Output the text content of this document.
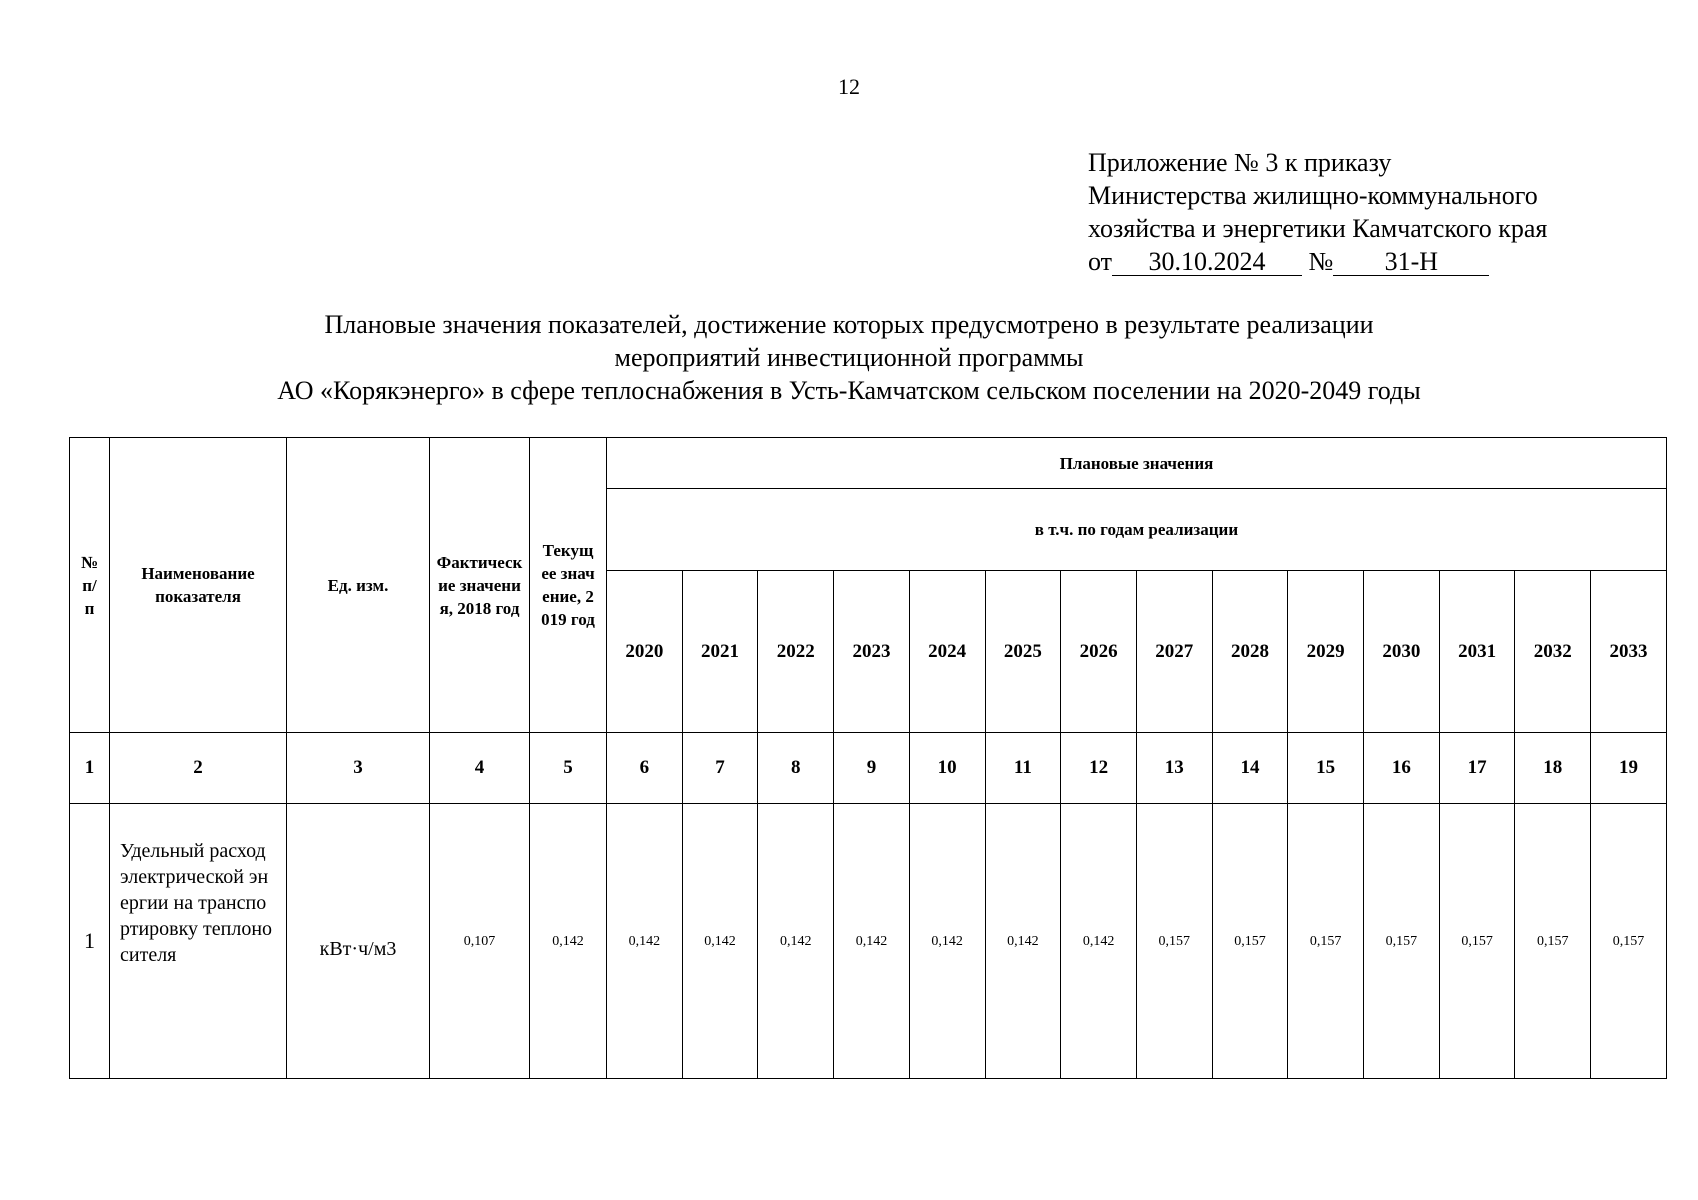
12
Приложение № 3 к приказу
Министерства жилищно-коммунального
хозяйства и энергетики Камчатского края
от 30.10.2024 № 31-Н
Плановые значения показателей, достижение которых предусмотрено в результате реализации
мероприятий инвестиционной программы
АО «Корякэнерго» в сфере теплоснабжения в Усть-Камчатском сельском поселении на 2020-2049 годы
№ п/п	Наименование показателя	Ед. изм.	Фактические значения, 2018 год	Текущее значение, 2019 год	Плановые значения													
					в т.ч. по годам реализации													
					2020	2021	2022	2023	2024	2025	2026	2027	2028	2029	2030	2031	2032	2033
1	2	3	4	5	6	7	8	9	10	11	12	13	14	15	16	17	18	19
1	Удельный расход электрической энергии на транспортировку теплоносителя	кВт·ч/м3	0,107	0,142	0,142	0,142	0,142	0,142	0,142	0,142	0,142	0,157	0,157	0,157	0,157	0,157	0,157	0,157
